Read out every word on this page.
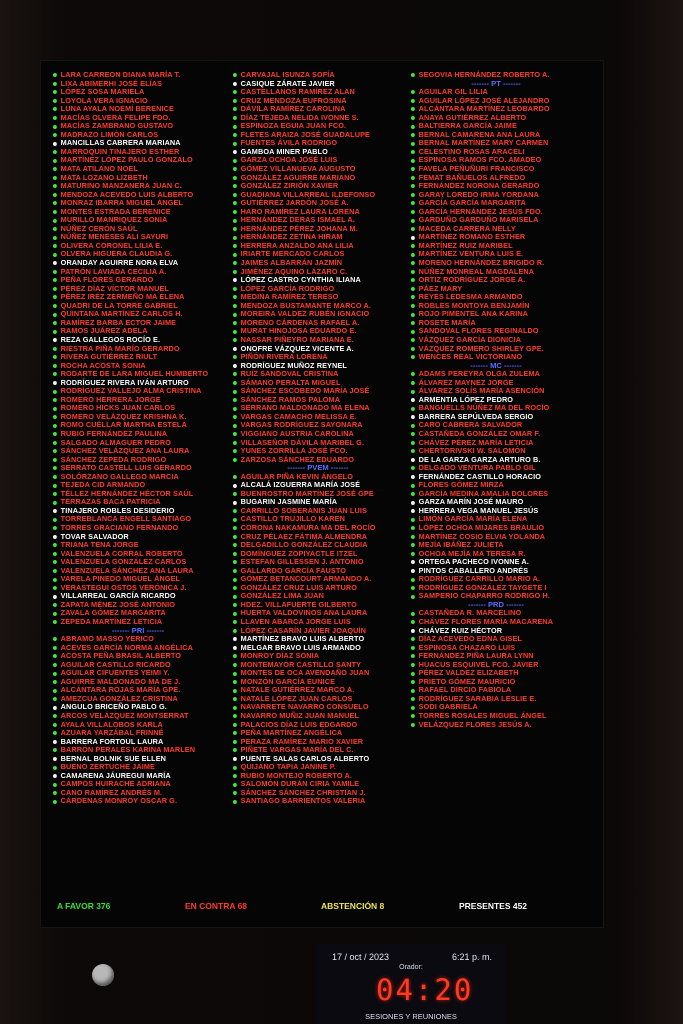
LARA CARREON DIANA MARÍA T.
LIXA ABIMERHI JOSÉ ELÍAS
LÓPEZ SOSA MARIELA
LOYOLA VERA IGNACIO
LUNA AYALA NOEMÍ BERENICE
MACÍAS OLVERA FELIPE FDO.
MACÍAS ZAMBRANO GUSTAVO
MADRAZO LIMÓN CARLOS
MANCILLAS CABRERA MARIANA
MARROQUIN TINAJERO ESTHER
MARTÍNEZ LÓPEZ PAULO GONZALO
MATA ATILANO NOEL
MATA LOZANO LIZBETH
MATURINO MANZANERA JUAN C.
MENDOZA ACEVEDO LUIS ALBERTO
MONRAZ IBARRA MIGUEL ÁNGEL
MONTES ESTRADA BERENICE
MURILLO MANRIQUEZ SONIA
NÚÑEZ CERÓN SAÚL
NÚÑEZ MENESES ALI SAYURI
OLIVERA CORONEL LILIA E.
OLVERA HIGUERA CLAUDIA G.
ORANDAY AGUIRRE NORA ELVA
PATRÓN LAVIADA CECILIA A.
PEÑA FLORES GERARDO
PÉREZ DÍAZ VÍCTOR MANUEL
PÉREZ IRÉZ ZERMEÑO MA ELENA
QUADRI DE LA TORRE GABRIEL
QUINTANA MARTÍNEZ CARLOS H.
RAMÍREZ BARBA ECTOR JAIME
RAMOS JUÁREZ ADELA
REZA GALLEGOS ROCÍO E.
RIESTRA PIÑA MARÍO GERARDO
RIVERA GUTIÉRREZ RIULT
ROCHA ACOSTA SONIA
RODARTE DE LARA MIGUEL HUMBERTO
RODRÍGUEZ RIVERA IVÁN ARTURO
RODRÍGUEZ VALLEJO ALMA CRISTINA
ROMERO HERRERA JORGE
ROMERO HICKS JUAN CARLOS
ROMERO VELÁZQUEZ KRISHNA K.
ROMO CUÉLLAR MARTHA ESTELA
RUBIO FERNÁNDEZ PAULINA
SALGADO ALMAGUER PEDRO
SÁNCHEZ VELÁZQUEZ ANA LAURA
SÁNCHEZ ZEPEDA RODRIGO
SERRATO CASTELL LUIS GERARDO
SOLÓRZANO GALLEGO MARCIA
TEJEDA CID ARMANDO
TÉLLEZ HERNÁNDEZ HÉCTOR SAÚL
TERRAZAS BACA PATRICIA
TINAJERO ROBLES DESIDERIO
TORREBLANCA ENGELL SANTIAGO
TORRES GRACIANO FERNANDO
TOVAR SALVADOR
TRIANA TENA JORGE
VALENZUELA CORRAL ROBERTO
VALENZUELA GONZÁLEZ CARLOS
VALENZUELA SÁNCHEZ ANA LAURA
VARELA PINEDO MIGUEL ÁNGEL
VERASTEGUI OSTOS VERÓNICA J.
VILLARREAL GARCÍA RICARDO
ZAPATA MÉNEZ JOSÉ ANTONIO
ZAVALA GÓMEZ MARGARITA
ZEPEDA MARTÍNEZ LETICIA
------- PRI -------
ABRAMO MASSO YERICO
ACEVES GARCÍA NORMA ANGÉLICA
ACOSTA PEÑA BRASIL ALBERTO
AGUILAR CASTILLO RICARDO
AGUILAR CIFUENTES YEIMI Y.
AGUIRRE MALDONADO MA DE J.
ALCÁNTARA ROJAS MARÍA GPE.
AMEZCUA GONZÁLEZ CRISTINA
ANGULO BRICEÑO PABLO G.
ARCOS VELÁZQUEZ MONTSERRAT
AYALA VILLALOBOS KARLA
AZUARA YARZÁBAL FRINNÉ
BARRERA FORTOUL LAURA
BARRÓN PERALES KARINA MARLEN
BERNAL BOLNIK SUE ELLEN
BUENO ZERTUCHE JAIME
CAMARENA JÁUREGUI MARÍA
CAMPOS HUIRACHE ADRIANA
CANO RAMÍREZ ANDRÉS M.
CÁRDENAS MONROY OSCAR G.
CARVAJAL ISUNZA SOFÍA
CASIQUE ZÁRATE JAVIER
CASTELLANOS RAMÍREZ ALAN
CRUZ MENDOZA EUFROSINA
DÁVILA RAMÍREZ CAROLINA
DÍAZ TEJEDA NELIDA IVONNE S.
ESPINOZA EGUIA JUAN FCO.
FLETES ARAIZA JOSÉ GUADALUPE
FUENTES ÁVILA RODRIGO
GAMBOA MINER PABLO
GARZA OCHOA JOSÉ LUIS
GÓMEZ VILLANUEVA AUGUSTO
GONZÁLEZ AGUIRRE MARIANO
GONZÁLEZ ZIRIÓN XAVIER
GUADIANA VILLARREAL ILDEFONSO
GUTIÉRREZ JARDÓN JOSÉ A.
HARO RAMÍREZ LAURA LORENA
HERNÁNDEZ DERAS ISMAEL A.
HERNÁNDEZ PÉREZ JOHANA M.
HERNÁNDEZ ZETINA HIRAM
HERRERA ANZALDO ANA LILIA
IRIARTE MERCADO CARLOS
JAIMES ALBARRÁN JAZMÍN
JIMÉNEZ AQUINO LÁZARO C.
LÓPEZ CASTRO CYNTHIA ILIANA
LÓPEZ GARCÍA RODRIGO
MEDINA RAMÍREZ TERESO
MENDOZA BUSTAMANTE MARCO A.
MOREIRA VALDEZ RUBÉN IGNACIO
MORENO CÁRDENAS RAFAEL A.
MURAT HINOJOSA EDUARDO E.
NASSAR PIÑEYRO MARIANA E.
ONOFRE VÁZQUEZ VICENTE A.
PIÑÓN RIVERA LORENA
RODRÍGUEZ MUÑOZ REYNEL
RUÍZ SANDOVAL CRISTINA
SÁMANO PERALTA MIGUEL
SÁNCHEZ ESCOBEDO MARÍA JOSÉ
SÁNCHEZ RAMOS PALOMA
SERRANO MALDONADO MA ELENA
VARGAS CAMACHO MELISSA E.
VARGAS RODRÍGUEZ SAYONARA
VIGGIANO AUSTRIA CAROLINA
VILLASEÑOR DÁVILA MARIBEL G.
YUNES ZORRILLA JOSÉ FCO.
ZARZOSA SÁNCHEZ EDUARDO
------- PVEM -------
AGUILAR PIÑA KEVIN ÁNGELO
ALCALÁ IZGUERRA MARÍA JOSÉ
BUENROSTRO MARTÍNEZ JOSÉ GPE
BUGARIN JASMINE MARÍA
CARRILLO SOBERANIS JUAN LUIS
CASTILLO TRUJILLO KAREN
CORONA NAKAMURA MA DEL ROCÍO
CRUZ PÉLAEZ FÁTIMA ALMENDRA
DELGADILLO GONZÁLEZ CLAUDIA
DOMÍNGUEZ ZOPIYACTLE ITZEL
ESTEFAN GILLESSEN J. ANTONIO
GALLARDO GARCÍA FAUSTO
GÓMEZ BETANCOURT ARMANDO A.
GONZÁLEZ CRUZ LUIS ARTURO
GONZÁLEZ LIMA JUAN
HDEZ. VILLAFUERTE GILBERTO
HUERTA VALDOVINOS ANA LAURA
LLAVEN ABARCA JORGE LUIS
LÓPEZ CASARÍN JAVIER JOAQUÍN
MARTÍNEZ BRAVO LUIS ALBERTO
MELGAR BRAVO LUIS ARMANDO
MONROY DÍAZ SONIA
MONTEMAYOR CASTILLO SANTY
MONTES DE OCA AVENDAÑO JUAN
MONZÓN GARCÍA EUNICE
NATALE GUTIÉRREZ MARCO A.
NATALE LÓPEZ JUAN CARLOS
NAVARRETE NAVARRO CONSUELO
NAVARRO MUÑIZ JUAN MANUEL
PALACIOS DÍAZ LUIS EDGARDO
PEÑA MARTÍNEZ ANGÉLICA
PERAZA RAMÍREZ MARIO XAVIER
PIÑETE VARGAS MARÍA DEL C.
PUENTE SALAS CARLOS ALBERTO
QUIJANO TAPIA JANINE P.
RUBIO MONTEJO ROBERTO A.
SALOMÓN DURÁN CIRIA YAMILE
SÁNCHEZ SÁNCHEZ CHRISTIAN J.
SANTIAGO BARRIENTOS VALERIA
SEGOVIA HERNÁNDEZ ROBERTO A.
------- PT -------
AGUILAR GIL LILIA
AGUILAR LÓPEZ JOSÉ ALEJANDRO
ALCÁNTARA MARTÍNEZ LEOBARDO
ANAYA GUTIÉRREZ ALBERTO
BALTIERRA GARCÍA JAIME
BERNAL CAMARENA ANA LAURA
BERNAL MARTÍNEZ MARY CARMEN
CELESTINO ROSAS ARACELI
ESPINOSA RAMOS FCO. AMADEO
FAVELA PEÑUÑURI FRANCISCO
FEMAT BAÑUELOS ALFREDO
FERNÁNDEZ NORONA GERARDO
GARAY LOREDO IRMA YORDANA
GARCÍA GARCÍA MARGARITA
GARCÍA HERNÁNDEZ JESÚS FDO.
GARDUÑO GARDUÑO MARISELA
MACEDA CARRERA NELLY
MARTÍNEZ ROMANO ESTHER
MARTÍNEZ RUIZ MARIBEL
MARTÍNEZ VENTURA LUIS E.
MORENO HERNÁNDEZ BRIGIDO R.
NÚÑEZ MONREAL MAGDALENA
ORTIZ RODRÍGUEZ JORGE A.
PÁEZ MARY
REYES LEDESMA ARMANDO
ROBLES MONTOYA BENJAMÍN
ROJO PIMENTEL ANA KARINA
ROSETE MARÍA
SANDOVAL FLORES REGINALDO
VÁZQUEZ GARCÍA DIONICIA
VÁZQUEZ ROMERO SHIRLEY GPE.
WENCES REAL VICTORIANO
------- MC -------
ADAMS PEREYRA OLGA ZULEMA
ÁLVAREZ MAYNEZ JORGE
ÁLVAREZ SOLÍS MARÍA ASENCIÓN
ARMENTIA LÓPEZ PEDRO
BANGUELLS NÚÑEZ MA DEL ROCÍO
BARRERA SEPÚLVEDA SERGIO
CARO CABRERA SALVADOR
CASTAÑEDA GONZÁLEZ OMAR F.
CHÁVEZ PÉREZ MARÍA LETICIA
CHERTORIVSKI W. SALOMÓN
DE LA GARZA GARZA ARTURO B.
DELGADO VENTURA PABLO GIL
FERNÁNDEZ CASTILLO HORACIO
FLORES GÓMEZ MIRZA
GARCÍA MEDINA AMALIA DOLORES
GARZA MARÍN JOSÉ MAURO
HERRERA VEGA MANUEL JESÚS
LIMÓN GARCÍA MARÍA ELENA
LÓPEZ OCHOA MIJARES BRAULIO
MARTÍNEZ COSIO ELVIA YOLANDA
MEJÍA IBÁÑEZ JULIETA
OCHOA MEJÍA MA TERESA R.
ORTEGA PACHECO IVONNE A.
PINTOS CABALLERO ANDRÉS
RODRÍGUEZ CARRILLO MARIO A.
RODRÍGUEZ GONZÁLEZ TAYGETE I
SAMPERIO CHAPARRO RODRIGO H.
------- PRD -------
CASTAÑEDA R. MARCELINO
CHÁVEZ FLORES MARÍA MACARENA
CHÁVEZ RUIZ HÉCTOR
DÍAZ ACEVEDO EDNA GISEL
ESPINOSA CHAZARO LUIS
FERNÁNDEZ PIÑA LAURA LYNN
HUACUS ESQUIVEL FCO. JAVIER
PÉREZ VALDEZ ELIZABETH
PRIETO GÓMEZ MAURICIO
RAFAEL DIRCIO FABIOLA
RODRÍGUEZ SARABIA LESLIE E.
SODI GABRIELA
TORRES ROSALES MIGUEL ÁNGEL
VELÁZQUEZ FLORES JESÚS A.
A FAVOR 376	EN CONTRA 68	ABSTENCIÓN 8	PRESENTES 452
17 / oct / 2023	6:21 p. m.
Orador:
04:20
SESIONES Y REUNIONES
